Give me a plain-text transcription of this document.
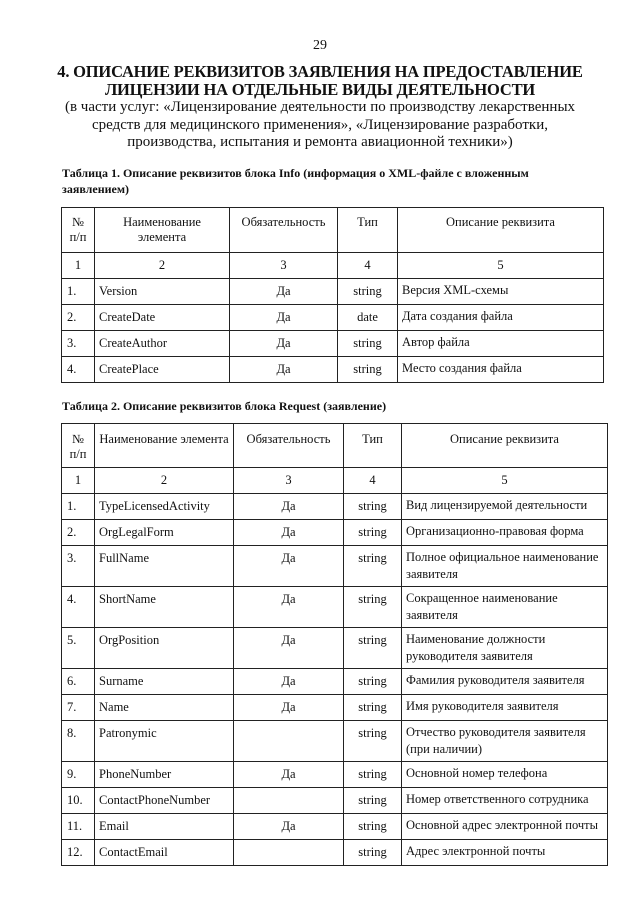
29
4. ОПИСАНИЕ РЕКВИЗИТОВ ЗАЯВЛЕНИЯ НА ПРЕДОСТАВЛЕНИЕ
ЛИЦЕНЗИИ НА ОТДЕЛЬНЫЕ ВИДЫ ДЕЯТЕЛЬНОСТИ
(в части услуг: «Лицензирование деятельности по производству лекарственных
средств для медицинского применения», «Лицензирование разработки,
производства, испытания и ремонта авиационной техники»)
Таблица 1. Описание реквизитов блока Info (информация о XML-файле с вложенным
заявлением)
№ п/п	Наименование элемента	Обязательность	Тип	Описание реквизита
1	2	3	4	5
1.	Version	Да	string	Версия XML-схемы
2.	CreateDate	Да	date	Дата создания файла
3.	CreateAuthor	Да	string	Автор файла
4.	CreatePlace	Да	string	Место создания файла
Таблица 2. Описание реквизитов блока Request (заявление)
№ п/п	Наименование элемента	Обязательность	Тип	Описание реквизита
1	2	3	4	5
1.	TypeLicensedActivity	Да	string	Вид лицензируемой деятельности
2.	OrgLegalForm	Да	string	Организационно-правовая форма
3.	FullName	Да	string	Полное официальное наименование заявителя
4.	ShortName	Да	string	Сокращенное наименование заявителя
5.	OrgPosition	Да	string	Наименование должности руководителя заявителя
6.	Surname	Да	string	Фамилия руководителя заявителя
7.	Name	Да	string	Имя руководителя заявителя
8.	Patronymic		string	Отчество руководителя заявителя (при наличии)
9.	PhoneNumber	Да	string	Основной номер телефона
10.	ContactPhoneNumber		string	Номер ответственного сотрудника
11.	Email	Да	string	Основной адрес электронной почты
12.	ContactEmail		string	Адрес электронной почты
